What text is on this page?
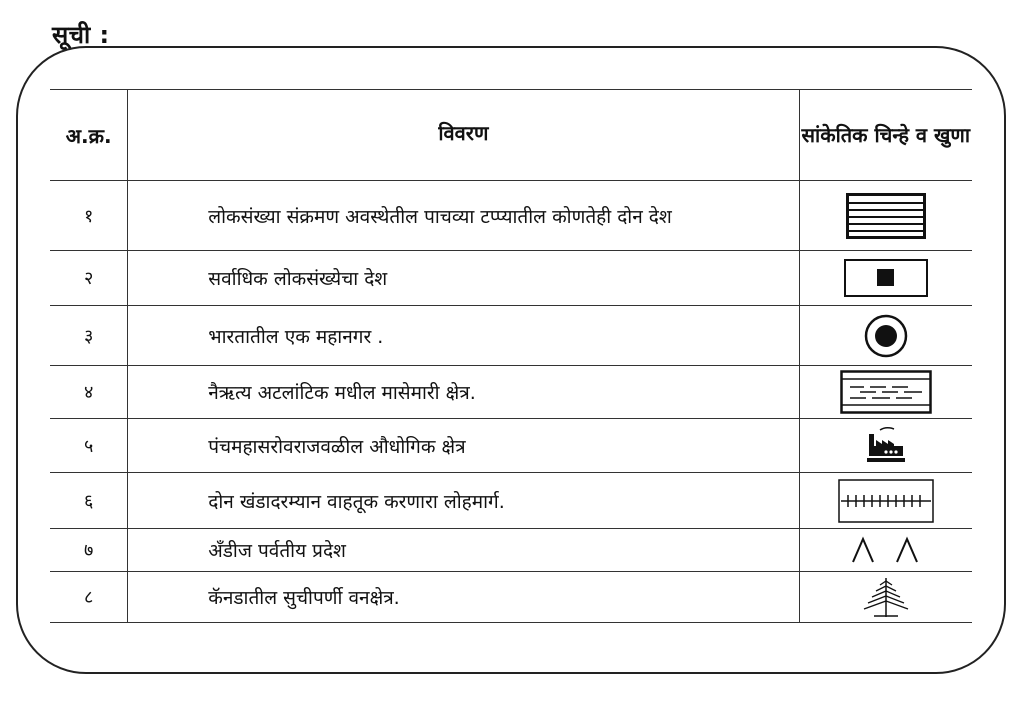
सूची :
अ.क्र.	विवरण	सांकेतिक चिन्हे व खुणा
१	लोकसंख्या संक्रमण अवस्थेतील पाचव्या टप्प्यातील कोणतेही दोन देश	

२	सर्वाधिक लोकसंख्येचा देश	

३	भारतातील एक महानगर .	

४	नैऋत्य अटलांटिक मधील मासेमारी क्षेत्र.	

५	पंचमहासरोवराजवळील औधोगिक क्षेत्र	

६	दोन खंडादरम्यान वाहतूक करणारा लोहमार्ग.	

७	अँडीज पर्वतीय प्रदेश	

८	कॅनडातील सुचीपर्णी वनक्षेत्र.	
